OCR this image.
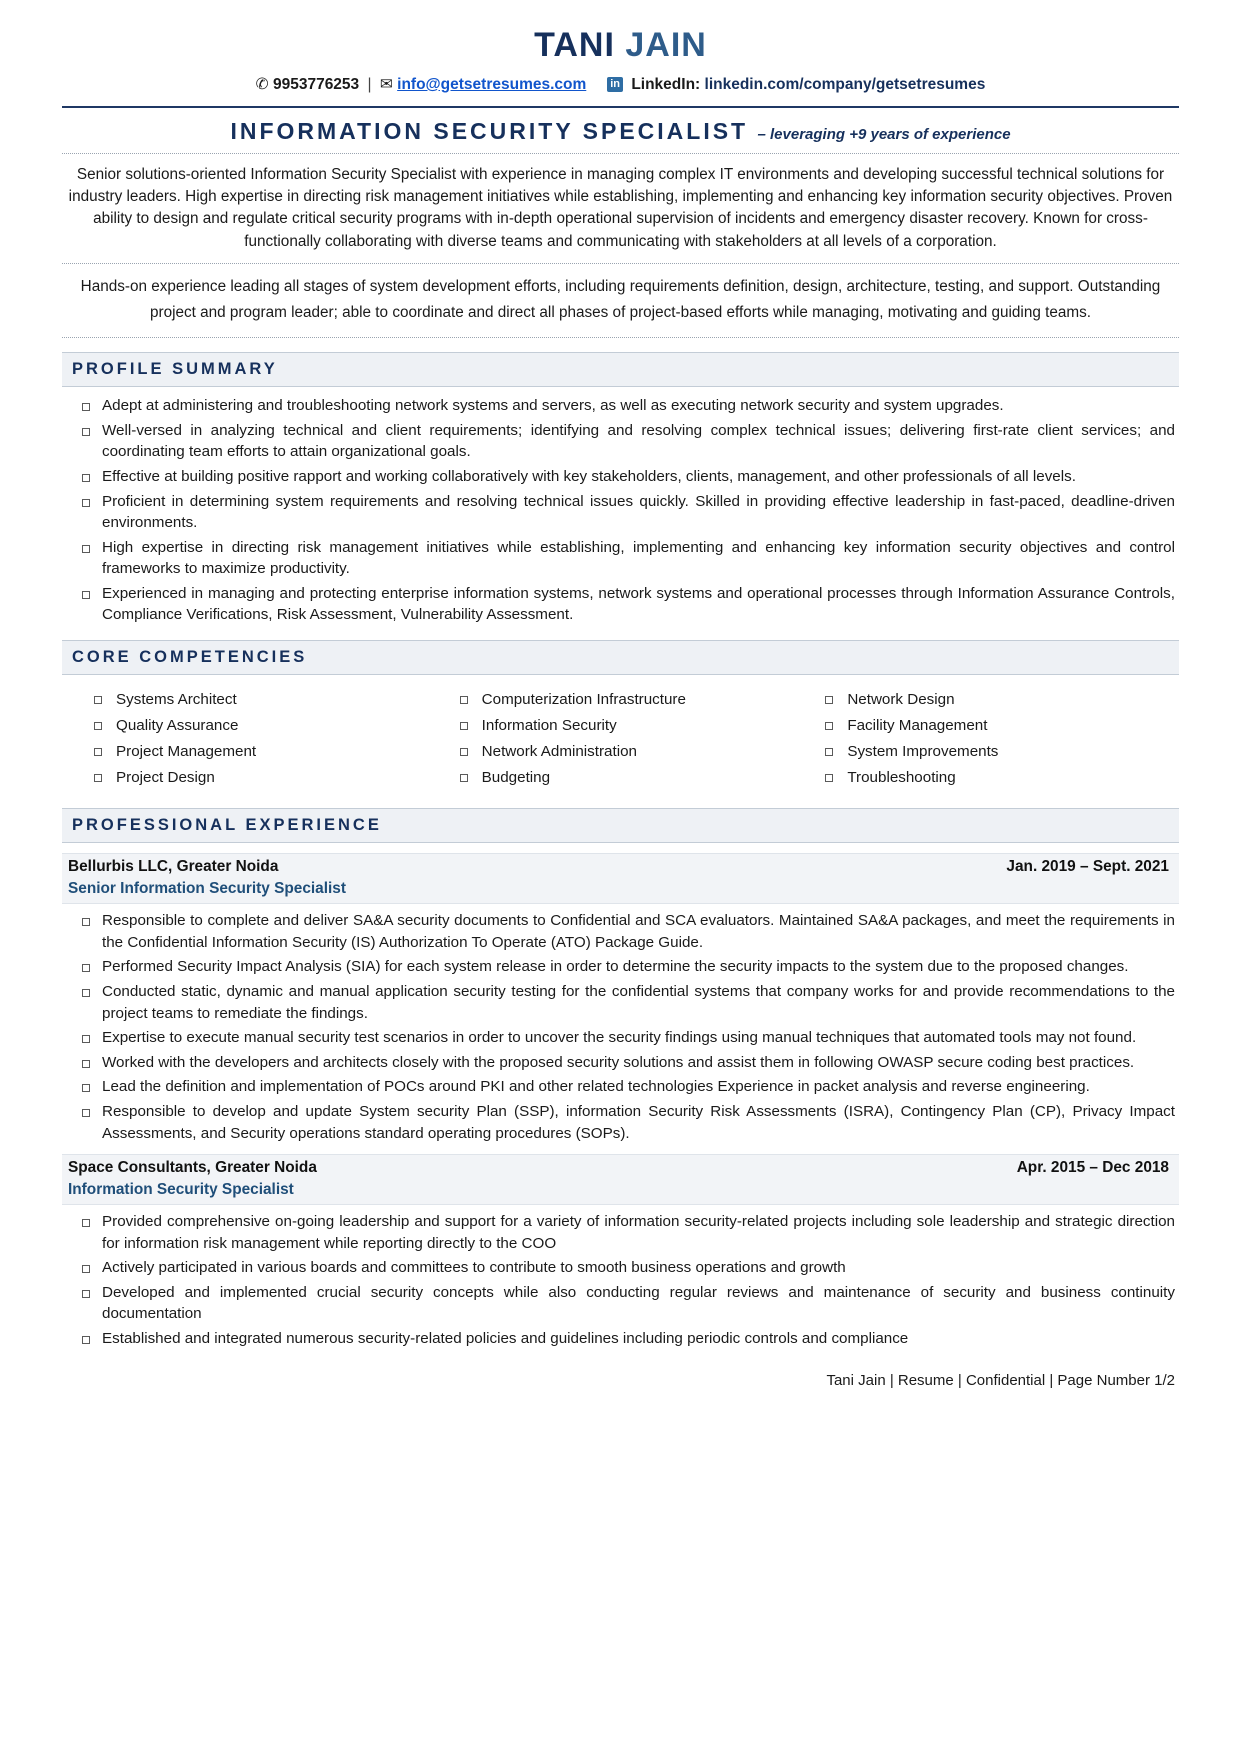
TANI JAIN
✆ 9953776253 | ✉ info@getsetresumes.com in LinkedIn: linkedin.com/company/getsetresumes
INFORMATION SECURITY SPECIALIST – leveraging +9 years of experience
Senior solutions-oriented Information Security Specialist with experience in managing complex IT environments and developing successful technical solutions for industry leaders. High expertise in directing risk management initiatives while establishing, implementing and enhancing key information security objectives. Proven ability to design and regulate critical security programs with in-depth operational supervision of incidents and emergency disaster recovery. Known for cross-functionally collaborating with diverse teams and communicating with stakeholders at all levels of a corporation.
Hands-on experience leading all stages of system development efforts, including requirements definition, design, architecture, testing, and support. Outstanding project and program leader; able to coordinate and direct all phases of project-based efforts while managing, motivating and guiding teams.
PROFILE SUMMARY
Adept at administering and troubleshooting network systems and servers, as well as executing network security and system upgrades.
Well-versed in analyzing technical and client requirements; identifying and resolving complex technical issues; delivering first-rate client services; and coordinating team efforts to attain organizational goals.
Effective at building positive rapport and working collaboratively with key stakeholders, clients, management, and other professionals of all levels.
Proficient in determining system requirements and resolving technical issues quickly. Skilled in providing effective leadership in fast-paced, deadline-driven environments.
High expertise in directing risk management initiatives while establishing, implementing and enhancing key information security objectives and control frameworks to maximize productivity.
Experienced in managing and protecting enterprise information systems, network systems and operational processes through Information Assurance Controls, Compliance Verifications, Risk Assessment, Vulnerability Assessment.
CORE COMPETENCIES
Systems Architect	Computerization Infrastructure	Network Design
Quality Assurance	Information Security	Facility Management
Project Management	Network Administration	System Improvements
Project Design	Budgeting	Troubleshooting
PROFESSIONAL EXPERIENCE
Bellurbis LLC, Greater Noida	Jan. 2019 – Sept. 2021
Senior Information Security Specialist
Responsible to complete and deliver SA&A security documents to Confidential and SCA evaluators. Maintained SA&A packages, and meet the requirements in the Confidential Information Security (IS) Authorization To Operate (ATO) Package Guide.
Performed Security Impact Analysis (SIA) for each system release in order to determine the security impacts to the system due to the proposed changes.
Conducted static, dynamic and manual application security testing for the confidential systems that company works for and provide recommendations to the project teams to remediate the findings.
Expertise to execute manual security test scenarios in order to uncover the security findings using manual techniques that automated tools may not found.
Worked with the developers and architects closely with the proposed security solutions and assist them in following OWASP secure coding best practices.
Lead the definition and implementation of POCs around PKI and other related technologies Experience in packet analysis and reverse engineering.
Responsible to develop and update System security Plan (SSP), information Security Risk Assessments (ISRA), Contingency Plan (CP), Privacy Impact Assessments, and Security operations standard operating procedures (SOPs).
Space Consultants, Greater Noida	Apr. 2015 – Dec 2018
Information Security Specialist
Provided comprehensive on-going leadership and support for a variety of information security-related projects including sole leadership and strategic direction for information risk management while reporting directly to the COO
Actively participated in various boards and committees to contribute to smooth business operations and growth
Developed and implemented crucial security concepts while also conducting regular reviews and maintenance of security and business continuity documentation
Established and integrated numerous security-related policies and guidelines including periodic controls and compliance
Tani Jain | Resume | Confidential | Page Number 1/2
